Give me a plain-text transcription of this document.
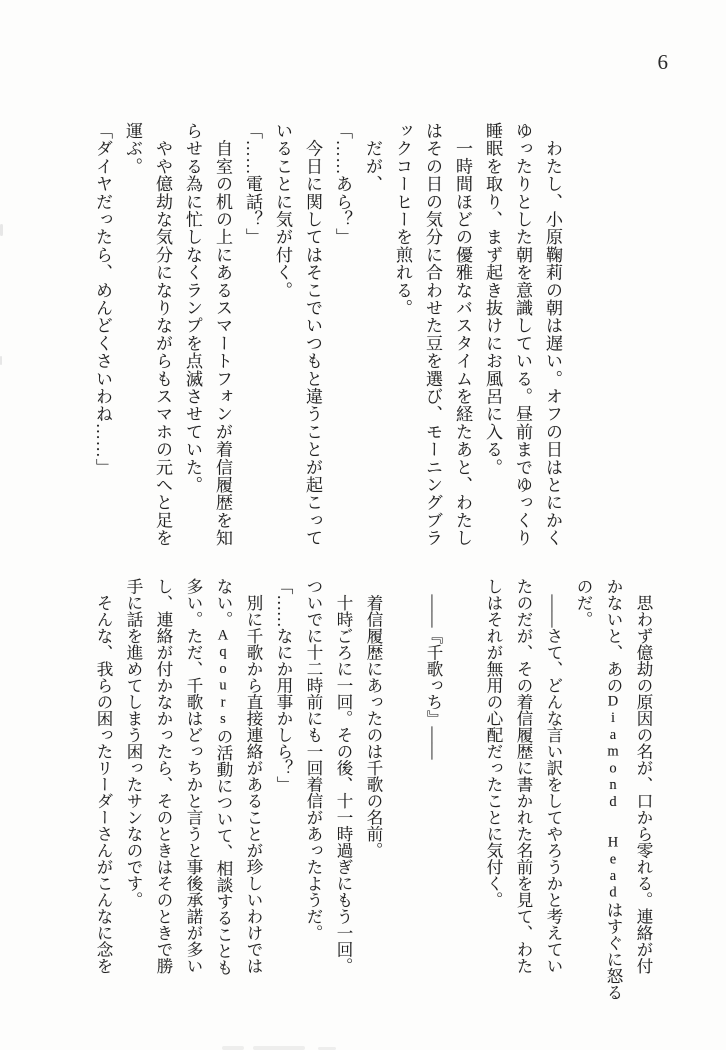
6
　わたし、小原鞠莉の朝は遅い。オフの日はとにかく
ゆったりとした朝を意識している。昼前までゆっくり
睡眠を取り、まず起き抜けにお風呂に入る。
　一時間ほどの優雅なバスタイムを経たあと、わたし
はその日の気分に合わせた豆を選び、モーニングブラ
ックコーヒーを煎れる。
　だが、
「……あら？」
　今日に関してはそこでいつもと違うことが起こって
いることに気が付く。
「……電話？」
　自室の机の上にあるスマートフォンが着信履歴を知
らせる為に忙しなくランプを点滅させていた。
　やや億劫な気分になりながらもスマホの元へと足を
運ぶ。
「ダイヤだったら、めんどくさいわね……」
　思わず億劫の原因の名が、口から零れる。連絡が付
かないと、あのDiamond Headはすぐに怒る
のだ。
　――さて、どんな言い訳をしてやろうかと考えてい
たのだが、その着信履歴に書かれた名前を見て、わた
しはそれが無用の心配だったことに気付く。

　――『千歌っち』――

　着信履歴にあったのは千歌の名前。
　十時ごろに一回。その後、十一時過ぎにもう一回。
ついでに十二時前にも一回着信があったようだ。
「……なにか用事かしら？」
　別に千歌から直接連絡があることが珍しいわけでは
ない。Aqoursの活動について、相談することも
多い。ただ、千歌はどっちかと言うと事後承諾が多い
し、連絡が付かなかったら、そのときはそのときで勝
手に話を進めてしまう困ったサンなのです。
　そんな、我らの困ったリーダーさんがこんなに念を
